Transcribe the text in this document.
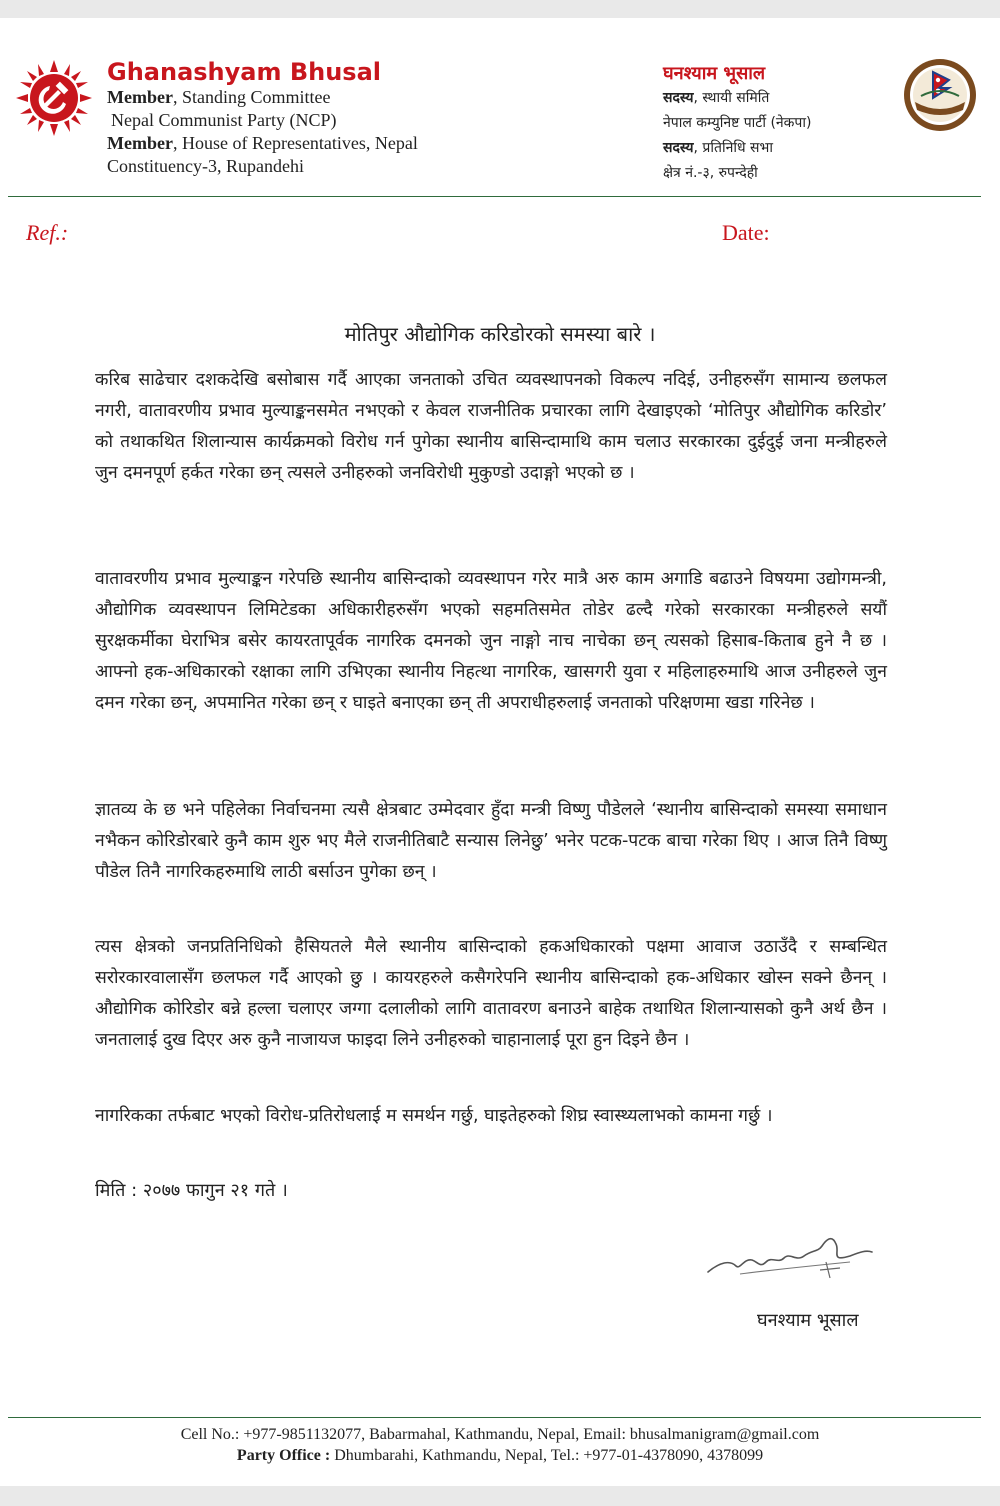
Ghanashyam Bhusal
Member, Standing Committee
Nepal Communist Party (NCP)
Member, House of Representatives, Nepal
Constituency-3, Rupandehi
घनश्याम भूसाल
सदस्य, स्थायी समिति
नेपाल कम्युनिष्ट पार्टी (नेकपा)
सदस्य, प्रतिनिधि सभा
क्षेत्र नं.-३, रुपन्देही
Ref.:	Date:
मोतिपुर औद्योगिक करिडोरको समस्या बारे ।

करिब साढेचार दशकदेखि बसोबास गर्दै आएका जनताको उचित व्यवस्थापनको विकल्प नदिई, उनीहरुसँग सामान्य छलफल नगरी, वातावरणीय प्रभाव मुल्याङ्कनसमेत नभएको र केवल राजनीतिक प्रचारका लागि देखाइएको ‘मोतिपुर औद्योगिक करिडोर’ को तथाकथित शिलान्यास कार्यक्रमको विरोध गर्न पुगेका स्थानीय बासिन्दामाथि काम चलाउ सरकारका दुईदुई जना मन्त्रीहरुले जुन दमनपूर्ण हर्कत गरेका छन् त्यसले उनीहरुको जनविरोधी मुकुण्डो उदाङ्गो भएको छ ।

वातावरणीय प्रभाव मुल्याङ्कन गरेपछि स्थानीय बासिन्दाको व्यवस्थापन गरेर मात्रै अरु काम अगाडि बढाउने विषयमा उद्योगमन्त्री, औद्योगिक व्यवस्थापन लिमिटेडका अधिकारीहरुसँग भएको सहमतिसमेत तोडेर ढल्दै गरेको सरकारका मन्त्रीहरुले सयौं सुरक्षकर्मीका घेराभित्र बसेर कायरतापूर्वक नागरिक दमनको जुन नाङ्गो नाच नाचेका छन् त्यसको हिसाब-किताब हुने नै छ । आफ्नो हक-अधिकारको रक्षाका लागि उभिएका स्थानीय निहत्था नागरिक, खासगरी युवा र महिलाहरुमाथि आज उनीहरुले जुन दमन गरेका छन्, अपमानित गरेका छन् र घाइते बनाएका छन् ती अपराधीहरुलाई जनताको परिक्षणमा खडा गरिनेछ ।

ज्ञातव्य के छ भने पहिलेका निर्वाचनमा त्यसै क्षेत्रबाट उम्मेदवार हुँदा मन्त्री विष्णु पौडेलले ‘स्थानीय बासिन्दाको समस्या समाधान नभैकन कोरिडोरबारे कुनै काम शुरु भए मैले राजनीतिबाटै सन्यास लिनेछु’ भनेर पटक-पटक बाचा गरेका थिए । आज तिनै विष्णु पौडेल तिनै नागरिकहरुमाथि लाठी बर्साउन पुगेका छन् ।

त्यस क्षेत्रको जनप्रतिनिधिको हैसियतले मैले स्थानीय बासिन्दाको हकअधिकारको पक्षमा आवाज उठाउँदै र सम्बन्धित सरोरकारवालासँग छलफल गर्दै आएको छु । कायरहरुले कसैगरेपनि स्थानीय बासिन्दाको हक-अधिकार खोस्न सक्ने छैनन् । औद्योगिक कोरिडोर बन्ने हल्ला चलाएर जग्गा दलालीको लागि वातावरण बनाउने बाहेक तथाथित शिलान्यासको कुनै अर्थ छैन । जनतालाई दुख दिएर अरु कुनै नाजायज फाइदा लिने उनीहरुको चाहानालाई पूरा हुन दिइने छैन ।

नागरिकका तर्फबाट भएको विरोध-प्रतिरोधलाई म समर्थन गर्छु, घाइतेहरुको शिघ्र स्वास्थ्यलाभको कामना गर्छु ।

मिति : २०७७ फागुन २१ गते ।
घनश्याम भूसाल
Cell No.: +977-9851132077, Babarmahal, Kathmandu, Nepal, Email: bhusalmanigram@gmail.com
Party Office : Dhumbarahi, Kathmandu, Nepal, Tel.: +977-01-4378090, 4378099
